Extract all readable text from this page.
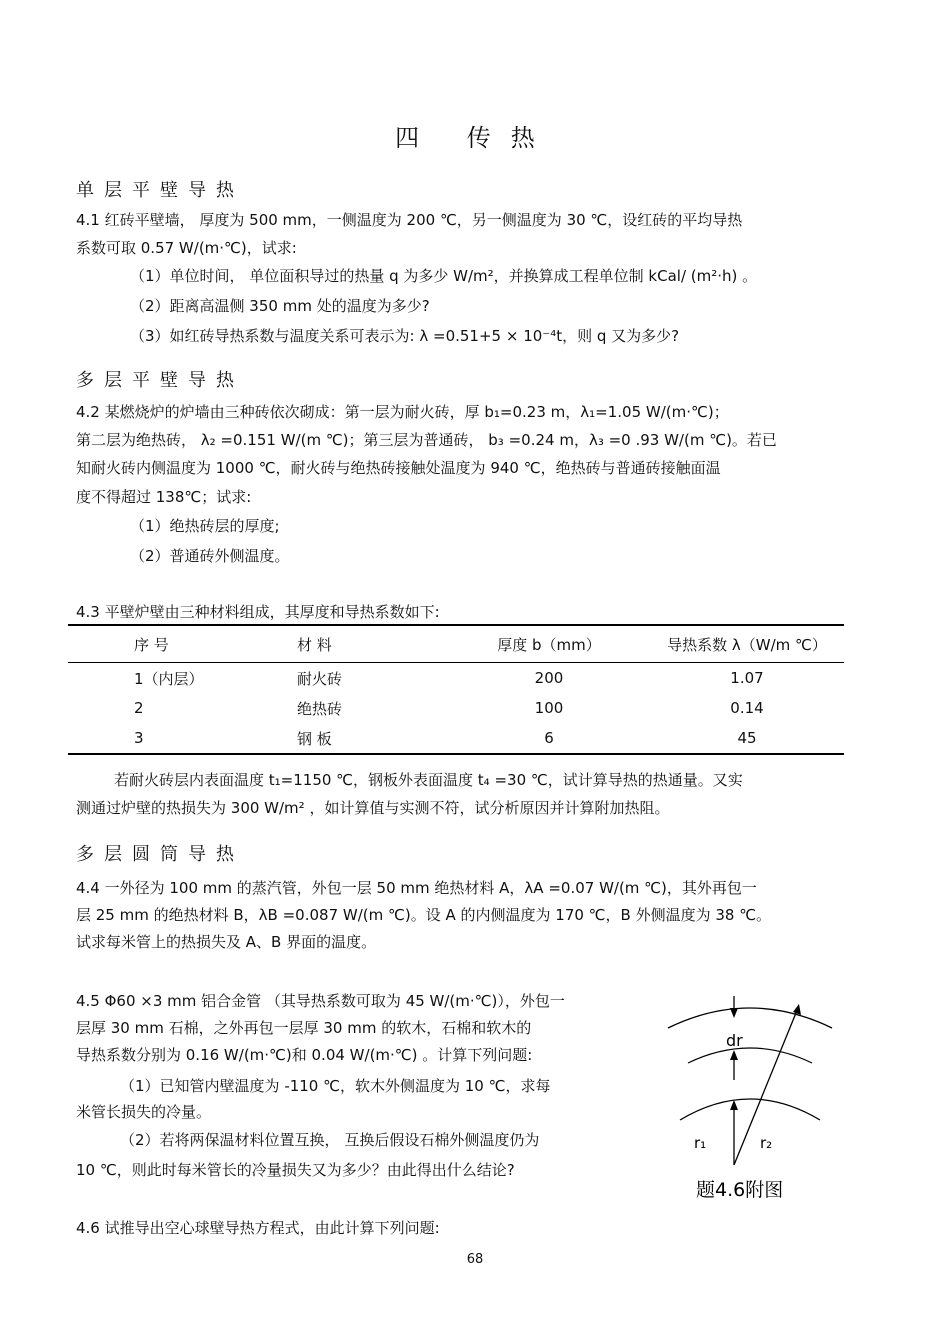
四 传热
单层平壁导热
4.1 红砖平壁墙， 厚度为 500 mm，一侧温度为 200 ℃，另一侧温度为 30 ℃，设红砖的平均导热
系数可取 0.57 W/(m·℃)，试求:
（1）单位时间， 单位面积导过的热量 q 为多少 W/m²，并换算成工程单位制 kCal/ (m²·h) 。
（2）距离高温侧 350 mm 处的温度为多少?
（3）如红砖导热系数与温度关系可表示为: λ =0.51+5 × 10⁻⁴t，则 q 又为多少?
多层平壁导热
4.2 某燃烧炉的炉墙由三种砖依次砌成：第一层为耐火砖，厚 b₁=0.23 m，λ₁=1.05 W/(m·℃)；
第二层为绝热砖， λ₂ =0.151 W/(m ℃)；第三层为普通砖， b₃ =0.24 m，λ₃ =0 .93 W/(m ℃)。若已
知耐火砖内侧温度为 1000 ℃，耐火砖与绝热砖接触处温度为 940 ℃，绝热砖与普通砖接触面温
度不得超过 138℃；试求:
（1）绝热砖层的厚度;
（2）普通砖外侧温度。
4.3 平壁炉壁由三种材料组成，其厚度和导热系数如下:
序 号	材 料	厚度 b（mm）	导热系数 λ（W/m ℃）
1（内层）	耐火砖	200	1.07
2	绝热砖	100	0.14
3	钢 板	6	45
若耐火砖层内表面温度 t₁=1150 ℃，钢板外表面温度 t₄ =30 ℃，试计算导热的热通量。又实
测通过炉壁的热损失为 300 W/m² ，如计算值与实测不符，试分析原因并计算附加热阻。
多层圆筒导热
4.4 一外径为 100 mm 的蒸汽管，外包一层 50 mm 绝热材料 A，λA =0.07 W/(m ℃)，其外再包一
层 25 mm 的绝热材料 B，λB =0.087 W/(m ℃)。设 A 的内侧温度为 170 ℃，B 外侧温度为 38 ℃。
试求每米管上的热损失及 A、B 界面的温度。
4.5 Φ60 ×3 mm 铝合金管 （其导热系数可取为 45 W/(m·℃)），外包一
层厚 30 mm 石棉，之外再包一层厚 30 mm 的软木，石棉和软木的
导热系数分别为 0.16 W/(m·℃)和 0.04 W/(m·℃) 。计算下列问题:
（1）已知管内壁温度为 -110 ℃，软木外侧温度为 10 ℃，求每
米管长损失的冷量。
（2）若将两保温材料位置互换， 互换后假设石棉外侧温度仍为
10 ℃，则此时每米管长的冷量损失又为多少？由此得出什么结论?
dr
r₁	r₂
题4.6附图
4.6 试推导出空心球壁导热方程式，由此计算下列问题:
68
